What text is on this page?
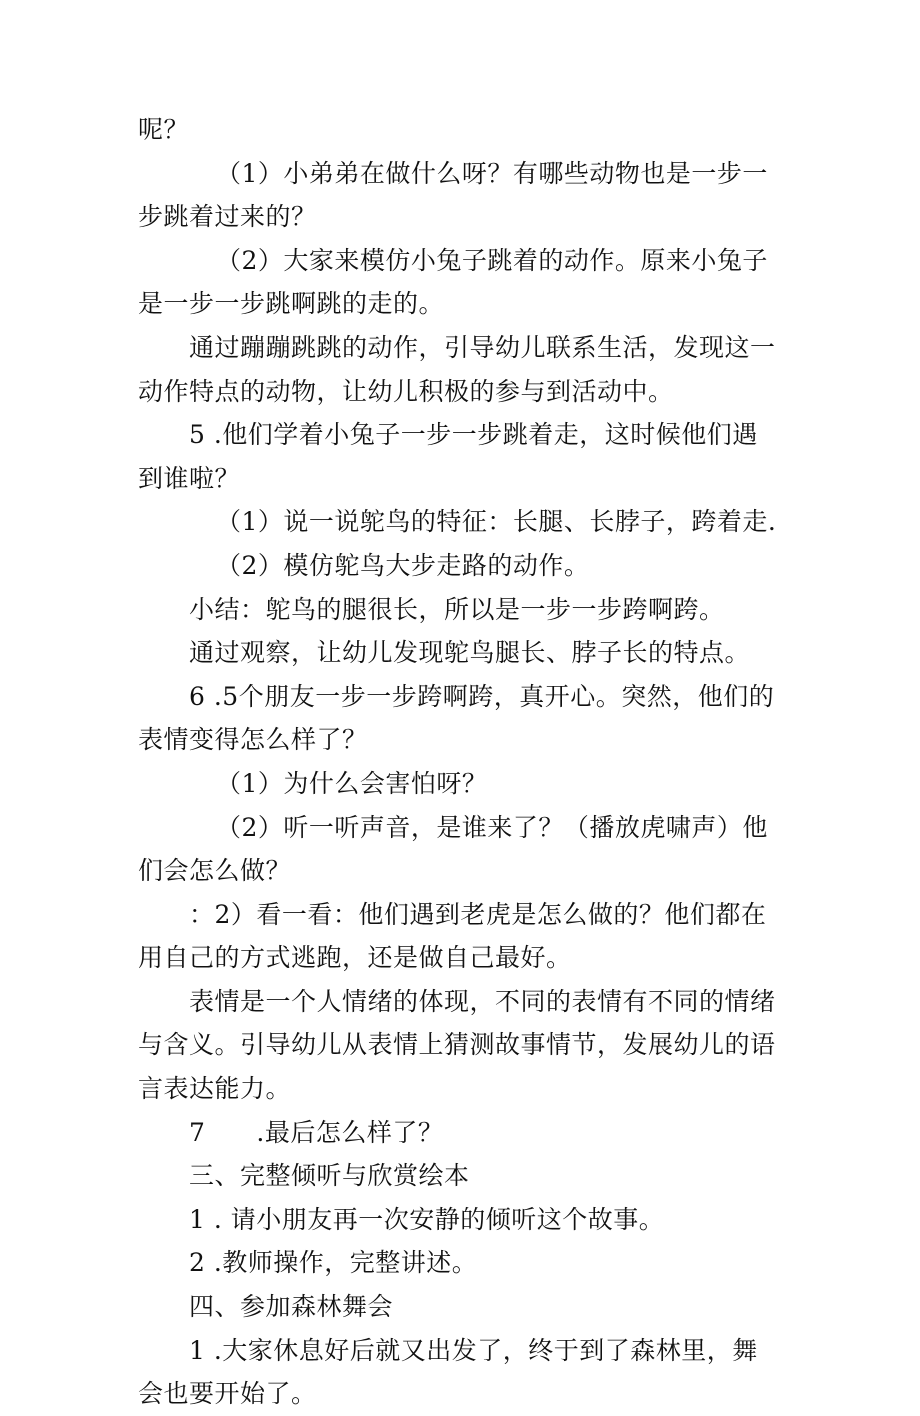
呢？
（1）小弟弟在做什么呀？有哪些动物也是一步一
步跳着过来的？
（2）大家来模仿小兔子跳着的动作。原来小兔子
是一步一步跳啊跳的走的。
通过蹦蹦跳跳的动作，引导幼儿联系生活，发现这一
动作特点的动物，让幼儿积极的参与到活动中。
5 .他们学着小兔子一步一步跳着走，这时候他们遇
到谁啦？
（1）说一说鸵鸟的特征：长腿、长脖子，跨着走.
（2）模仿鸵鸟大步走路的动作。
小结：鸵鸟的腿很长，所以是一步一步跨啊跨。
通过观察，让幼儿发现鸵鸟腿长、脖子长的特点。
6 .5个朋友一步一步跨啊跨，真开心。突然，他们的
表情变得怎么样了？
（1）为什么会害怕呀？
（2）听一听声音，是谁来了？（播放虎啸声）他
们会怎么做？
：2）看一看：他们遇到老虎是怎么做的？他们都在
用自己的方式逃跑，还是做自己最好。
表情是一个人情绪的体现，不同的表情有不同的情绪
与含义。引导幼儿从表情上猜测故事情节，发展幼儿的语
言表达能力。
7　　.最后怎么样了？
三、完整倾听与欣赏绘本
1 . 请小朋友再一次安静的倾听这个故事。
2 .教师操作，完整讲述。
四、参加森林舞会
1 .大家休息好后就又出发了，终于到了森林里，舞
会也要开始了。
